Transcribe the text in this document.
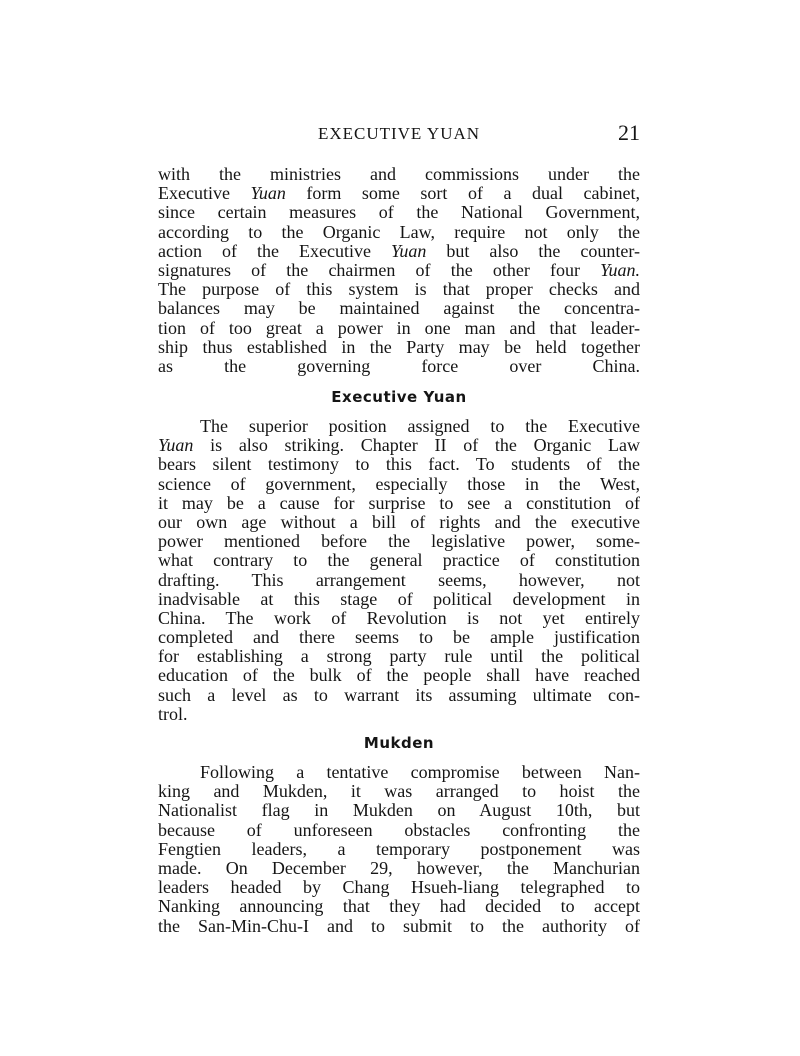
EXECUTIVE YUAN	21
with the ministries and commissions under the
Executive Yuan form some sort of a dual cabinet,
since certain measures of the National Government,
according to the Organic Law, require not only the
action of the Executive Yuan but also the counter-
signatures of the chairmen of the other four Yuan.
The purpose of this system is that proper checks and
balances may be maintained against the concentra-
tion of too great a power in one man and that leader-
ship thus established in the Party may be held together
as the governing force over China.
Executive Yuan
The superior position assigned to the Executive
Yuan is also striking. Chapter II of the Organic Law
bears silent testimony to this fact. To students of the
science of government, especially those in the West,
it may be a cause for surprise to see a constitution of
our own age without a bill of rights and the executive
power mentioned before the legislative power, some-
what contrary to the general practice of constitution
drafting. This arrangement seems, however, not
inadvisable at this stage of political development in
China. The work of Revolution is not yet entirely
completed and there seems to be ample justification
for establishing a strong party rule until the political
education of the bulk of the people shall have reached
such a level as to warrant its assuming ultimate con-
trol.
Mukden
Following a tentative compromise between Nan-
king and Mukden, it was arranged to hoist the
Nationalist flag in Mukden on August 10th, but
because of unforeseen obstacles confronting the
Fengtien leaders, a temporary postponement was
made. On December 29, however, the Manchurian
leaders headed by Chang Hsueh-liang telegraphed to
Nanking announcing that they had decided to accept
the San-Min-Chu-I and to submit to the authority of
